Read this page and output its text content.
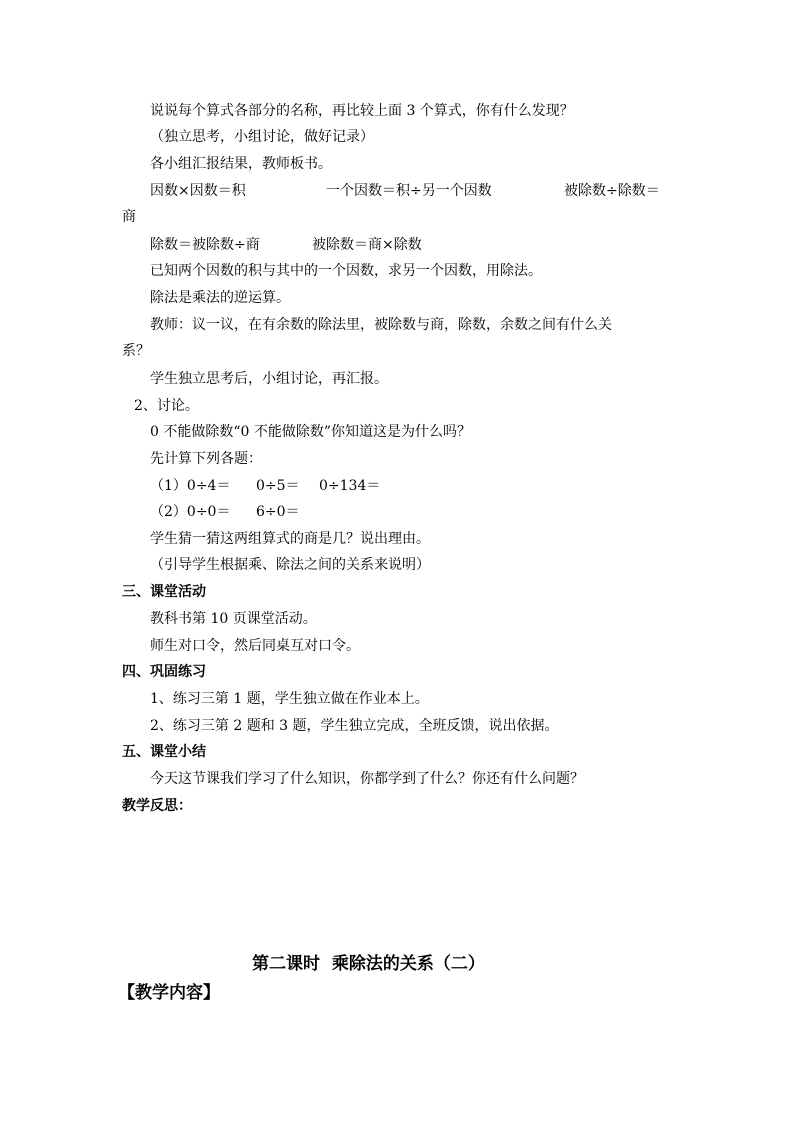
说说每个算式各部分的名称，再比较上面 3 个算式，你有什么发现？
（独立思考，小组讨论，做好记录）
各小组汇报结果，教师板书。
因数×因数＝积	一个因数＝积÷另一个因数	被除数÷除数＝
商
除数＝被除数÷商	被除数＝商×除数
已知两个因数的积与其中的一个因数，求另一个因数，用除法。
除法是乘法的逆运算。
教师：议一议，在有余数的除法里，被除数与商，除数，余数之间有什么关
系？
学生独立思考后，小组讨论，再汇报。
2、讨论。
0 不能做除数“0 不能做除数”你知道这是为什么吗？
先计算下列各题：
（1）0÷4＝ 0÷5＝ 0÷134＝
（2）0÷0＝ 6÷0＝
学生猜一猜这两组算式的商是几？说出理由。
（引导学生根据乘、除法之间的关系来说明）
三、课堂活动
教科书第 10 页课堂活动。
师生对口令，然后同桌互对口令。
四、巩固练习
1、练习三第 1 题，学生独立做在作业本上。
2、练习三第 2 题和 3 题，学生独立完成，全班反馈，说出依据。
五、课堂小结
今天这节课我们学习了什么知识，你都学到了什么？你还有什么问题？
教学反思：
第二课时  乘除法的关系（二）
【教学内容】
